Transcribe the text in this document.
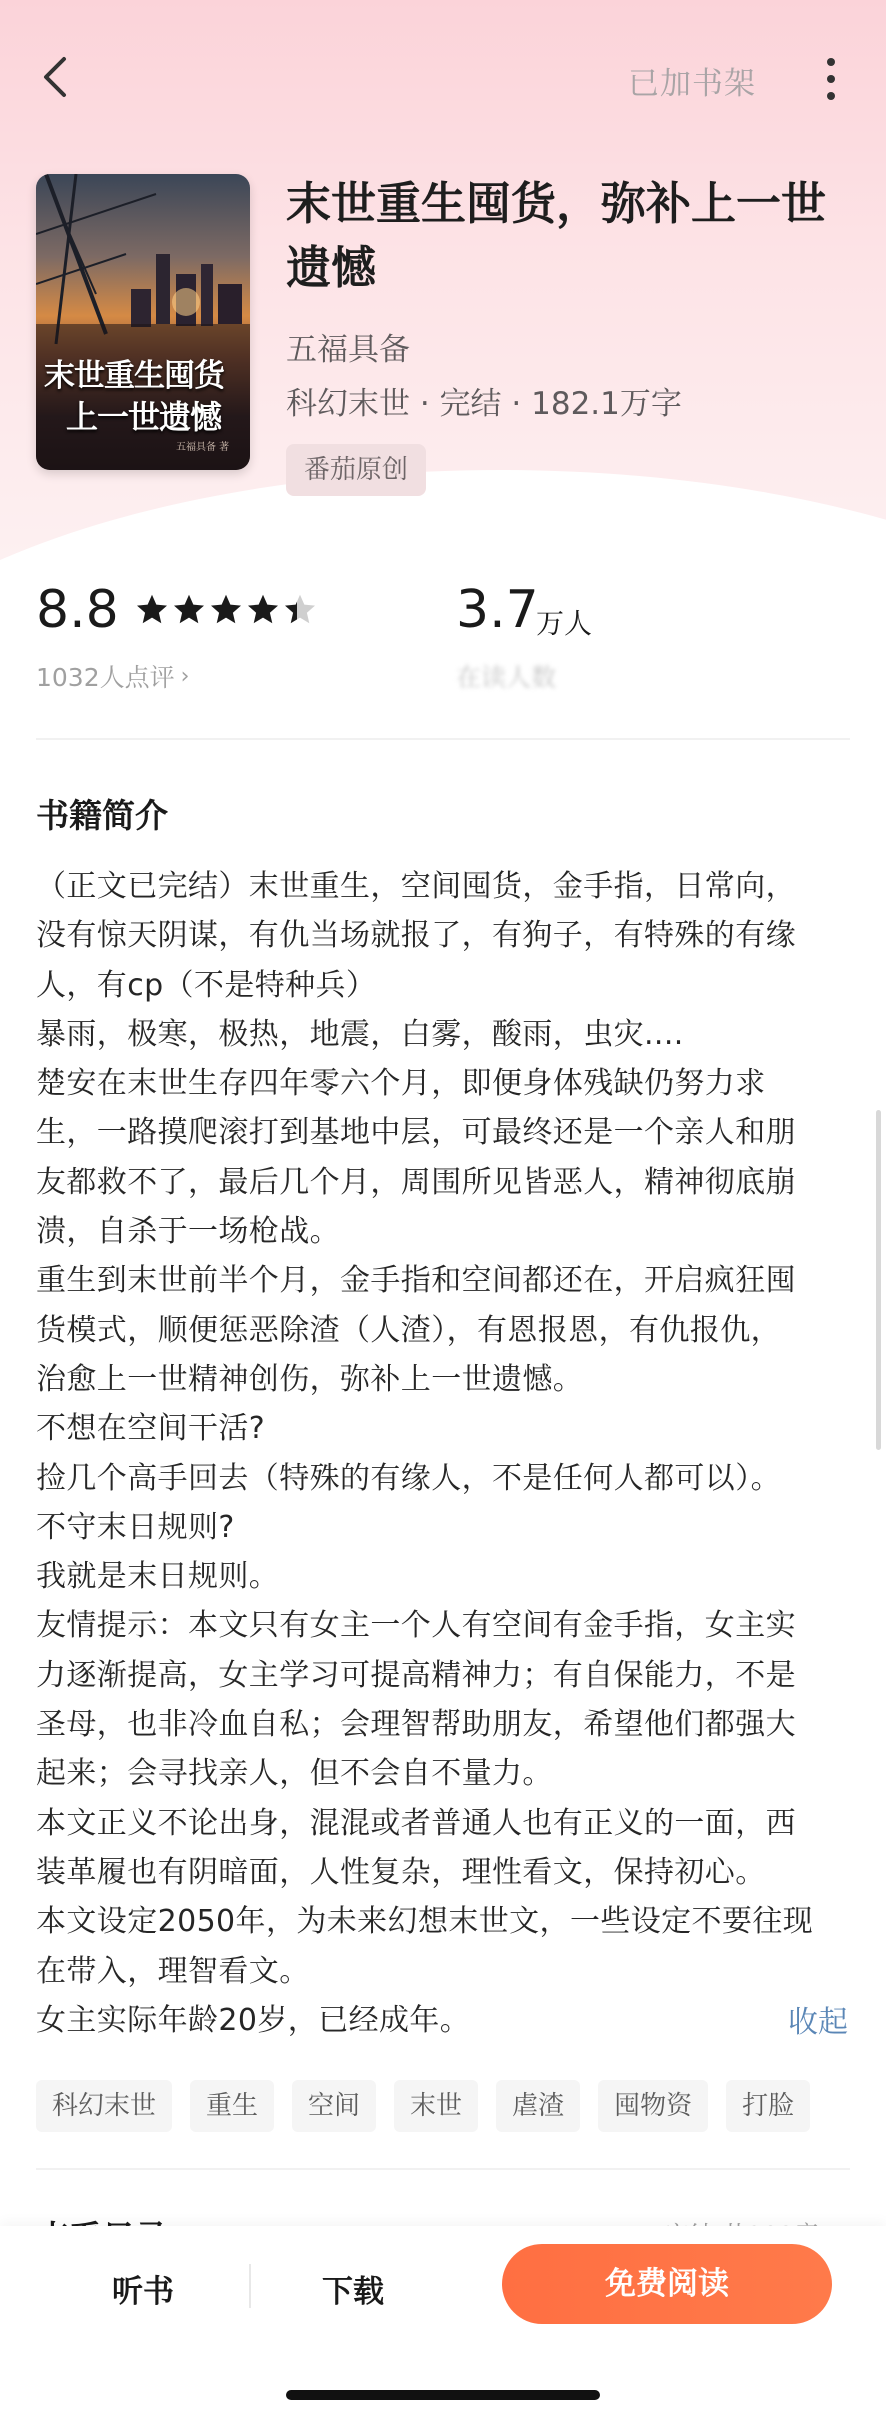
已加书架
末世重生囤货
上一世遗憾
五福具备 著
末世重生囤货，弥补上一世遗憾
五福具备
科幻末世 · 完结 · 182.1万字
番茄原创
8.8
1032人点评 ›
3.7
万人
在读人数
书籍简介

（正文已完结）末世重生，空间囤货，金手指，日常向，

没有惊天阴谋，有仇当场就报了，有狗子，有特殊的有缘

人，有cp（不是特种兵）

暴雨，极寒，极热，地震，白雾，酸雨，虫灾....

楚安在末世生存四年零六个月，即便身体残缺仍努力求

生，一路摸爬滚打到基地中层，可最终还是一个亲人和朋

友都救不了，最后几个月，周围所见皆恶人，精神彻底崩

溃，自杀于一场枪战。

重生到末世前半个月，金手指和空间都还在，开启疯狂囤

货模式，顺便惩恶除渣（人渣），有恩报恩，有仇报仇，

治愈上一世精神创伤，弥补上一世遗憾。

不想在空间干活?

捡几个高手回去（特殊的有缘人，不是任何人都可以）。

不守末日规则?

我就是末日规则。

友情提示：本文只有女主一个人有空间有金手指，女主实

力逐渐提高，女主学习可提高精神力；有自保能力，不是

圣母，也非冷血自私；会理智帮助朋友，希望他们都强大

起来；会寻找亲人，但不会自不量力。

本文正义不论出身，混混或者普通人也有正义的一面，西

装革履也有阴暗面，人性复杂，理性看文，保持初心。

本文设定2050年，为未来幻想末世文，一些设定不要往现

在带入，理智看文。

女主实际年龄20岁，已经成年。	收起
科幻末世	重生	空间	末世	虐渣	囤物资	打脸
听书	下载	免费阅读
